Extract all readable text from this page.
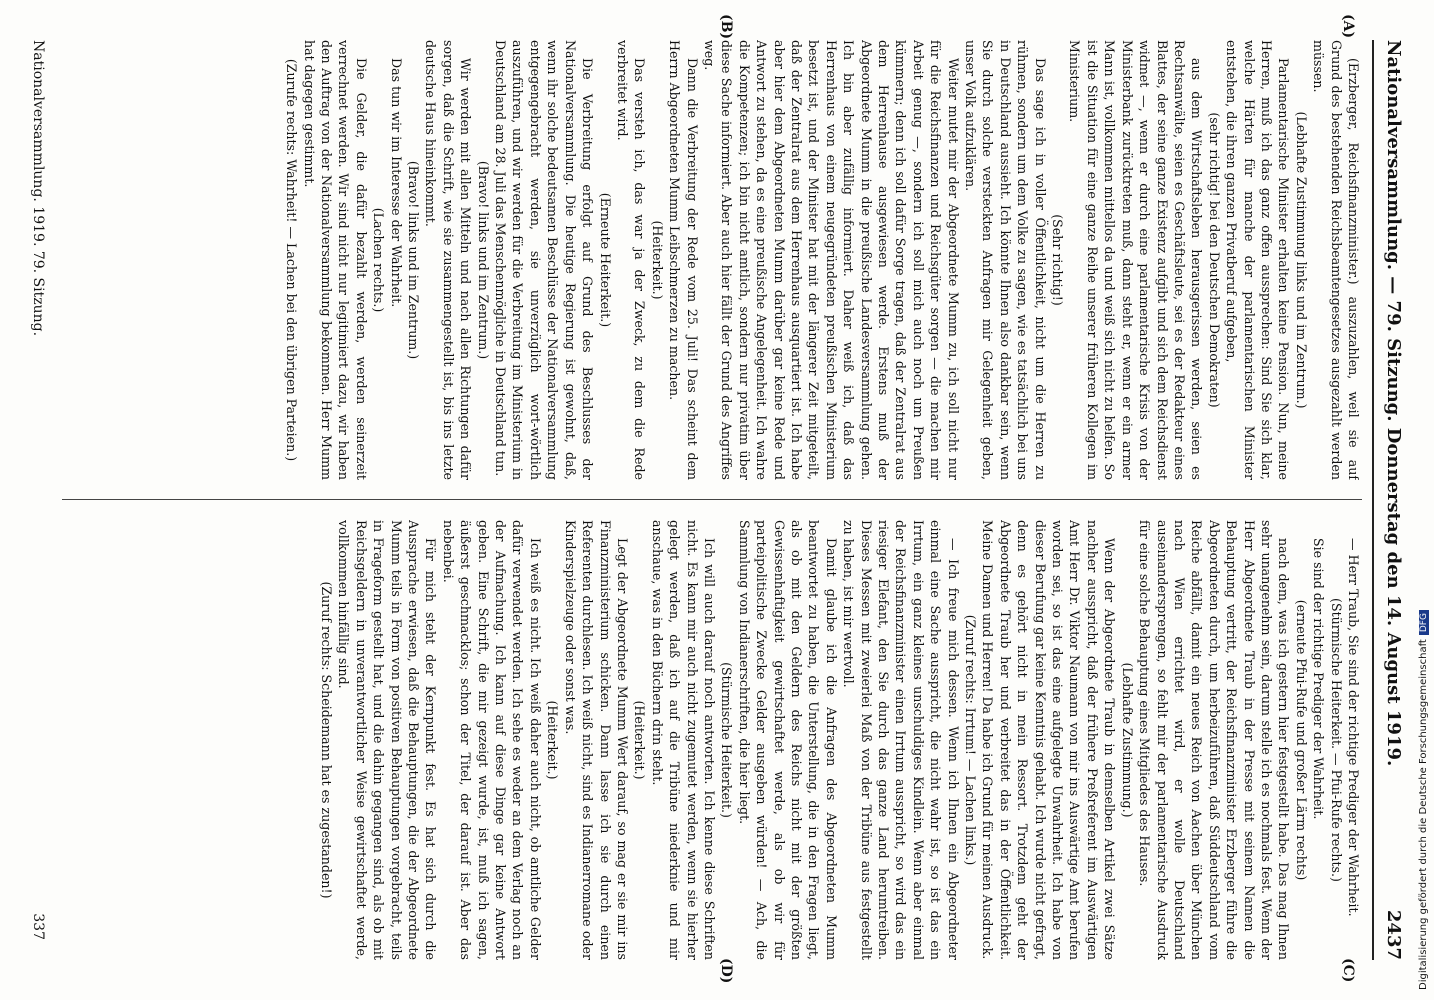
Nationalversammlung. — 79. Sitzung. Donnerstag den 14. August 1919.
2437
(A)
(B)
(C)
(D)

(Erzberger, Reichsfinanzminister.) auszuzahlen, weil sie auf Grund des bestehenden Reichsbeamtengesetzes ausgezahlt werden müssen.

(Lebhafte Zustimmung links und im Zentrum.)

Parlamentarische Minister erhalten keine Pension. Nun, meine Herren, muß ich das ganz offen aussprechen: Sind Sie sich klar, welche Härten für manche der parlamentarischen Minister entstehen, die ihren ganzen Privatberuf aufgeben,

(sehr richtig! bei den Deutschen Demokraten)

aus dem Wirtschaftsleben herausgerissen werden, seien es Rechtsanwälte, seien es Geschäftsleute, sei es der Redakteur eines Blattes, der seine ganze Existenz aufgibt und sich dem Reichsdienst widmet —, wenn er durch eine parlamentarische Krisis von der Ministerbank zurücktreten muß, dann steht er, wenn er ein armer Mann ist, vollkommen mittellos da und weiß sich nicht zu helfen. So ist die Situation für eine ganze Reihe unserer früheren Kollegen im Ministerium.

(Sehr richtig!)

Das sage ich in voller Öffentlichkeit, nicht um die Herren zu rühmen, sondern um dem Volke zu sagen, wie es tatsächlich bei uns in Deutschland aussieht. Ich könnte Ihnen also dankbar sein, wenn Sie durch solche versteckten Anfragen mir Gelegenheit geben, unser Volk aufzuklären.

Weiter mutet mir der Abgeordnete Mumm zu, ich soll nicht nur für die Reichsfinanzen und Reichsgüter sorgen — die machen mir Arbeit genug —, sondern ich soll mich auch noch um Preußen kümmern; denn ich soll dafür Sorge tragen, daß der Zentralrat aus dem Herrenhause ausgewiesen werde. Erstens muß der Abgeordnete Mumm in die preußische Landesversammlung gehen. Ich bin aber zufällig informiert. Daher weiß ich, daß das Herrenhaus von einem neugegründeten preußischen Ministerium besetzt ist, und der Minister hat mit der längerer Zeit mitgeteilt, daß der Zentralrat aus dem Herrenhaus ausquartiert ist. Ich habe aber hier dem Abgeordneten Mumm darüber gar keine Rede und Antwort zu stehen, da es eine preußische Angelegenheit. Ich wahre die Kompetenzen; ich bin nicht amtlich, sondern nur privatim über diese Sache informiert. Aber auch hier fällt der Grund des Angriffes weg.

Dann die Verbreitung der Rede vom 25. Juli! Das scheint dem Herrn Abgeordneten Mumm Leibschmerzen zu machen.

(Heiterkeit.)

Das versteh ich, das war ja der Zweck, zu dem die Rede verbreitet wird.

(Erneute Heiterkeit.)

Die Verbreitung erfolgt auf Grund des Beschlusses der Nationalversammlung. Die heutige Regierung ist gewohnt, daß, wenn ihr solche bedeutsamen Beschlüsse der Nationalversammlung entgegengebracht werden, sie unverzüglich wort-wörtlich auszuführen, und wir werden für die Verbreitung im Ministerium in Deutschland am 28. Juli das Menschenmögliche in Deutschland tun.

(Bravo! links und im Zentrum.)

Wir werden mit allen Mitteln und nach allen Richtungen dafür sorgen, daß die Schrift, wie sie zusammengestellt ist, bis ins letzte deutsche Haus hineinkommt.

(Bravo! links und im Zentrum.)

Das tun wir im Interesse der Wahrheit.

(Lachen rechts.)

Die Gelder, die dafür bezahlt werden, werden seinerzeit verrechnet werden. Wir sind nicht nur legitimiert dazu, wir haben den Auftrag von der Nationalversammlung bekommen. Herr Mumm hat dagegen gestimmt.

(Zurufe rechts: Wahrheit! — Lachen bei den übrigen Parteien.)

— Herr Traub, Sie sind der richtige Prediger der Wahrheit.

(Stürmische Heiterkeit. — Pfui-Rufe rechts.)

Sie sind der richtige Prediger der Wahrheit.

(erneute Pfui-Rufe und großer Lärm rechts)

nach dem, was ich gestern hier festgestellt habe. Das mag Ihnen sehr unangenehm sein, darum stelle ich es nochmals fest. Wenn der Herr Abgeordnete Traub in der Presse mit seinem Namen die Behauptung vertritt, der Reichsfinanzminister Erzberger führe die Abgeordneten durch, um herbeizuführen, daß Süddeutschland vom Reiche abfällt, damit ein neues Reich von Aachen über München nach Wien errichtet wird, er wolle Deutschland auseinandersprengen, so fehlt mir der parlamentarische Ausdruck für eine solche Behauptung eines Mitgliedes des Hauses.

(Lebhafte Zustimmung.)

Wenn der Abgeordnete Traub in demselben Artikel zwei Sätze nachher ausspricht, daß der frühere Preßreferent im Auswärtigen Amt Herr Dr. Viktor Naumann von mir ins Auswärtige Amt berufen worden sei, so ist das eine aufgelegte Unwahrheit. Ich habe von dieser Berufung gar keine Kenntnis gehabt. Ich wurde nicht gefragt, denn es gehört nicht in mein Ressort. Trotzdem geht der Abgeordnete Traub her und verbreitet das in der Öffentlichkeit. Meine Damen und Herren! Da habe ich Grund für meinen Ausdruck.

(Zuruf rechts: Irrtum! — Lachen links.)

— Ich freue mich dessen. Wenn ich Ihnen ein Abgeordneter einmal eine Sache ausspricht, die nicht wahr ist, so ist das ein Irrtum, ein ganz kleines unschuldiges Kindlein. Wenn aber einmal der Reichsfinanzminister einen Irrtum ausspricht, so wird das ein riesiger Elefant, den Sie durch das ganze Land herumtreiben. Dieses Messen mit zweierlei Maß von der Tribüne aus festgestellt zu haben, ist mir wertvoll.

Damit glaube ich die Anfragen des Abgeordneten Mumm beantwortet zu haben, die Unterstellung, die in den Fragen liegt, als ob mit den Geldern des Reichs nicht mit der größten Gewissenhaftigkeit gewirtschaftet werde, als ob wir für parteipolitische Zwecke Gelder ausgeben würden! — Ach, die Sammlung von Indianerschriften, die hier liegt.

(Stürmische Heiterkeit.)

Ich will auch darauf noch antworten. Ich kenne diese Schriften nicht. Es kann mir auch nicht zugemutet werden, wenn sie hierher gelegt werden, daß ich auf die Tribüne niederknie und mir anschaue, was in den Büchern drin steht.

(Heiterkeit.)

Legt der Abgeordnete Mumm Wert darauf, so mag er sie mir ins Finanzministerium schicken. Dann lasse ich sie durch einen Referenten durchlesen. Ich weiß nicht, sind es Indianerromane oder Kinderspielzeuge oder sonst was.

(Heiterkeit.)

Ich weiß es nicht. Ich weiß daher auch nicht, ob amtliche Gelder dafür verwendet werden. Ich sehe es weder an dem Verlag noch an der Aufmachung. Ich kann auf diese Dinge gar keine Antwort geben. Eine Schrift, die mir gezeigt wurde, ist, muß ich sagen, äußerst geschmacklos; schon der Titel, der darauf ist. Aber das nebenbei.

Für mich steht der Kernpunkt fest. Es hat sich durch die Aussprache erwiesen, daß die Behauptungen, die der Abgeordnete Mumm teils in Form von positiven Behauptungen vorgebracht, teils in Frageform gestellt hat, und die dahin gegangen sind, als ob mit Reichsgeldern in unverantwortlicher Weise gewirtschaftet werde, vollkommen hinfällig sind.

(Zuruf rechts: Scheidemann hat es zugestanden!)

Nationalversammlung. 1919. 79. Sitzung.
337	Digitalisierung gefördert durch die Deutsche ForschungsgemeinschaftDFG
